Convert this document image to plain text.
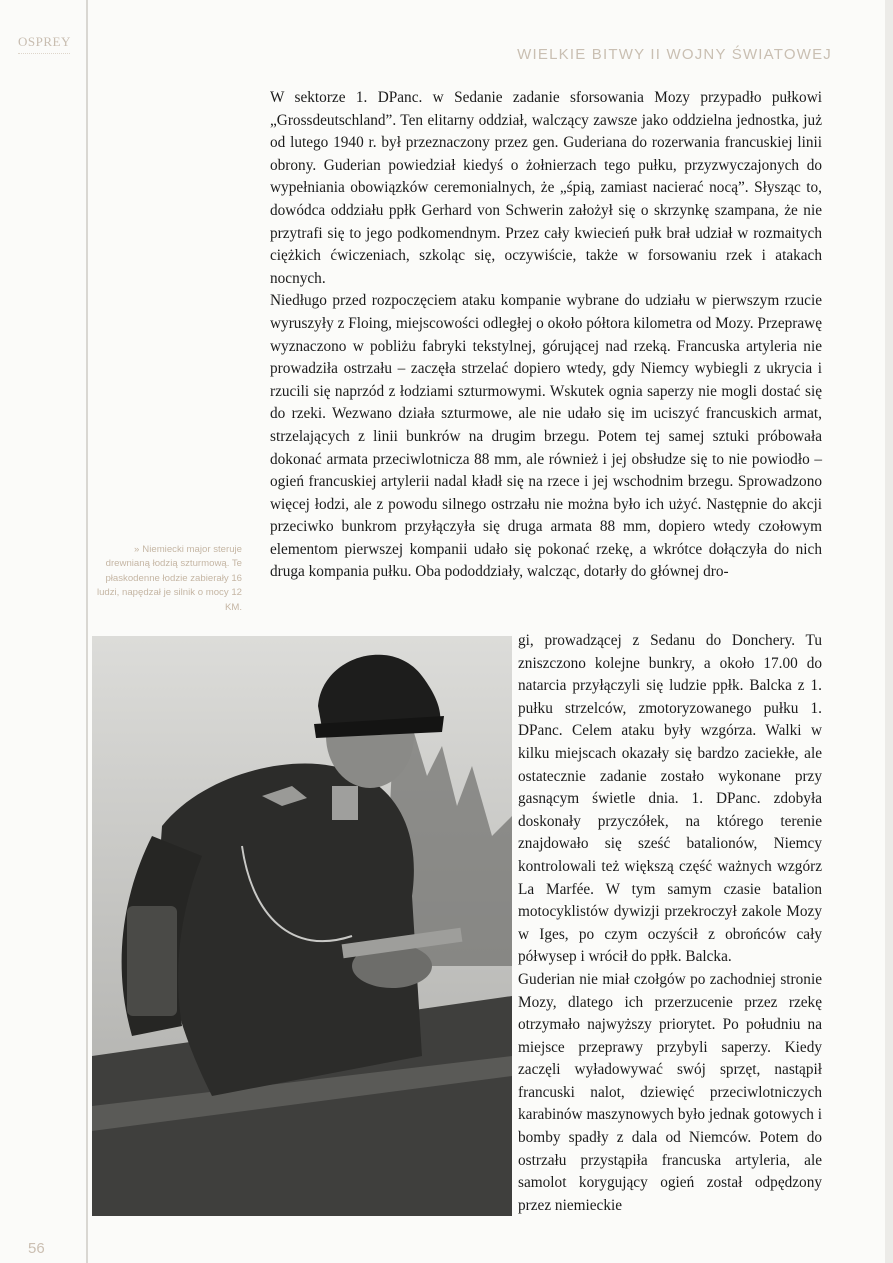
OSPREY
WIELKIE BITWY II WOJNY ŚWIATOWEJ

W sektorze 1. DPanc. w Sedanie zadanie sforsowania Mozy przypadło pułkowi „Grossdeutschland”. Ten elitarny oddział, walczący zawsze jako oddzielna jednostka, już od lutego 1940 r. był przeznaczony przez gen. Guderiana do rozerwania francuskiej linii obrony. Guderian powiedział kiedyś o żołnierzach tego pułku, przyzwyczajonych do wypełniania obowiązków ceremonialnych, że „śpią, zamiast nacierać nocą”. Słysząc to, dowódca oddziału ppłk Gerhard von Schwerin założył się o skrzynkę szampana, że nie przytrafi się to jego podkomendnym. Przez cały kwiecień pułk brał udział w rozmaitych ciężkich ćwiczeniach, szkoląc się, oczywiście, także w forsowaniu rzek i atakach nocnych.

Niedługo przed rozpoczęciem ataku kompanie wybrane do udziału w pierwszym rzucie wyruszyły z Floing, miejscowości odległej o około półtora kilometra od Mozy. Przeprawę wyznaczono w pobliżu fabryki tekstylnej, górującej nad rzeką. Francuska artyleria nie prowadziła ostrzału – zaczęła strzelać dopiero wtedy, gdy Niemcy wybiegli z ukrycia i rzucili się naprzód z łodziami szturmowymi. Wskutek ognia saperzy nie mogli dostać się do rzeki. Wezwano działa szturmowe, ale nie udało się im uciszyć francuskich armat, strzelających z linii bunkrów na drugim brzegu. Potem tej samej sztuki próbowała dokonać armata przeciwlotnicza 88 mm, ale również i jej obsłudze się to nie powiodło – ogień francuskiej artylerii nadal kładł się na rzece i jej wschodnim brzegu. Sprowadzono więcej łodzi, ale z powodu silnego ostrzału nie można było ich użyć. Następnie do akcji przeciwko bunkrom przyłączyła się druga armata 88 mm, dopiero wtedy czołowym elementom pierwszej kompanii udało się pokonać rzekę, a wkrótce dołączyła do nich druga kompania pułku. Oba pododdziały, walcząc, dotarły do głównej dro-

» Niemiecki major steruje drewnianą łodzią szturmową. Te płaskodenne łodzie zabierały 16 ludzi, napędzał je silnik o mocy 12 KM.

gi, prowadzącej z Sedanu do Donchery. Tu zniszczono kolejne bunkry, a około 17.00 do natarcia przyłączyli się ludzie ppłk. Balcka z 1. pułku strzelców, zmotoryzowanego pułku 1. DPanc. Celem ataku były wzgórza. Walki w kilku miejscach okazały się bardzo zaciekłe, ale ostatecznie zadanie zostało wykonane przy gasnącym świetle dnia. 1. DPanc. zdobyła doskonały przyczółek, na którego terenie znajdowało się sześć batalionów, Niemcy kontrolowali też większą część ważnych wzgórz La Marfée. W tym samym czasie batalion motocyklistów dywizji przekroczył zakole Mozy w Iges, po czym oczyścił z obrońców cały półwysep i wrócił do ppłk. Balcka.

Guderian nie miał czołgów po zachodniej stronie Mozy, dlatego ich przerzucenie przez rzekę otrzymało najwyższy priorytet. Po południu na miejsce przeprawy przybyli saperzy. Kiedy zaczęli wyładowywać swój sprzęt, nastąpił francuski nalot, dziewięć przeciwlotniczych karabinów maszynowych było jednak gotowych i bomby spadły z dala od Niemców. Potem do ostrzału przystąpiła francuska artyleria, ale samolot korygujący ogień został odpędzony przez niemieckie

56
